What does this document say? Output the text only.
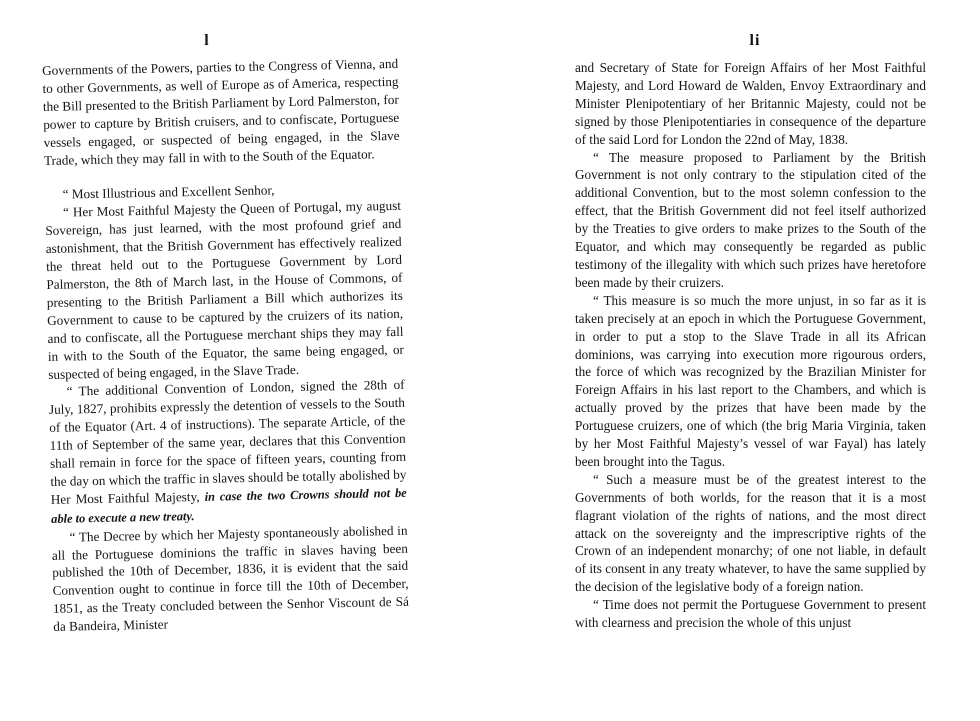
l

Governments of the Powers, parties to the Congress of Vienna, and to other Governments, as well of Europe as of America, respecting the Bill presented to the British Parliament by Lord Palmerston, for power to capture by British cruisers, and to confiscate, Portuguese vessels engaged, or suspected of being engaged, in the Slave Trade, which they may fall in with to the South of the Equator.

“ Most Illustrious and Excellent Senhor,

“ Her Most Faithful Majesty the Queen of Portugal, my august Sovereign, has just learned, with the most profound grief and astonishment, that the British Government has effectively realized the threat held out to the Portuguese Government by Lord Palmerston, the 8th of March last, in the House of Commons, of presenting to the British Parliament a Bill which authorizes its Government to cause to be captured by the cruizers of its nation, and to confiscate, all the Portuguese merchant ships they may fall in with to the South of the Equator, the same being engaged, or suspected of being engaged, in the Slave Trade.

“ The additional Convention of London, signed the 28th of July, 1827, prohibits expressly the detention of vessels to the South of the Equator (Art. 4 of instructions). The separate Article, of the 11th of September of the same year, declares that this Convention shall remain in force for the space of fifteen years, counting from the day on which the traffic in slaves should be totally abolished by Her Most Faithful Majesty, in case the two Crowns should not be able to execute a new treaty.

“ The Decree by which her Majesty spontaneously abolished in all the Portuguese dominions the traffic in slaves having been published the 10th of December, 1836, it is evident that the said Convention ought to continue in force till the 10th of December, 1851, as the Treaty concluded between the Senhor Viscount de Sá da Bandeira, Minister

li

and Secretary of State for Foreign Affairs of her Most Faithful Majesty, and Lord Howard de Walden, Envoy Extraordinary and Minister Plenipotentiary of her Britannic Majesty, could not be signed by those Plenipotentiaries in consequence of the departure of the said Lord for London the 22nd of May, 1838.

“ The measure proposed to Parliament by the British Government is not only contrary to the stipulation cited of the additional Convention, but to the most solemn confession to the effect, that the British Government did not feel itself authorized by the Treaties to give orders to make prizes to the South of the Equator, and which may consequently be regarded as public testimony of the illegality with which such prizes have heretofore been made by their cruizers.

“ This measure is so much the more unjust, in so far as it is taken precisely at an epoch in which the Portuguese Government, in order to put a stop to the Slave Trade in all its African dominions, was carrying into execution more rigourous orders, the force of which was recognized by the Brazilian Minister for Foreign Affairs in his last report to the Chambers, and which is actually proved by the prizes that have been made by the Portuguese cruizers, one of which (the brig Maria Virginia, taken by her Most Faithful Majesty’s vessel of war Fayal) has lately been brought into the Tagus.

“ Such a measure must be of the greatest interest to the Governments of both worlds, for the reason that it is a most flagrant violation of the rights of nations, and the most direct attack on the sovereignty and the imprescriptive rights of the Crown of an independent monarchy; of one not liable, in default of its consent in any treaty whatever, to have the same supplied by the decision of the legislative body of a foreign nation.

“ Time does not permit the Portuguese Government to present with clearness and precision the whole of this unjust
